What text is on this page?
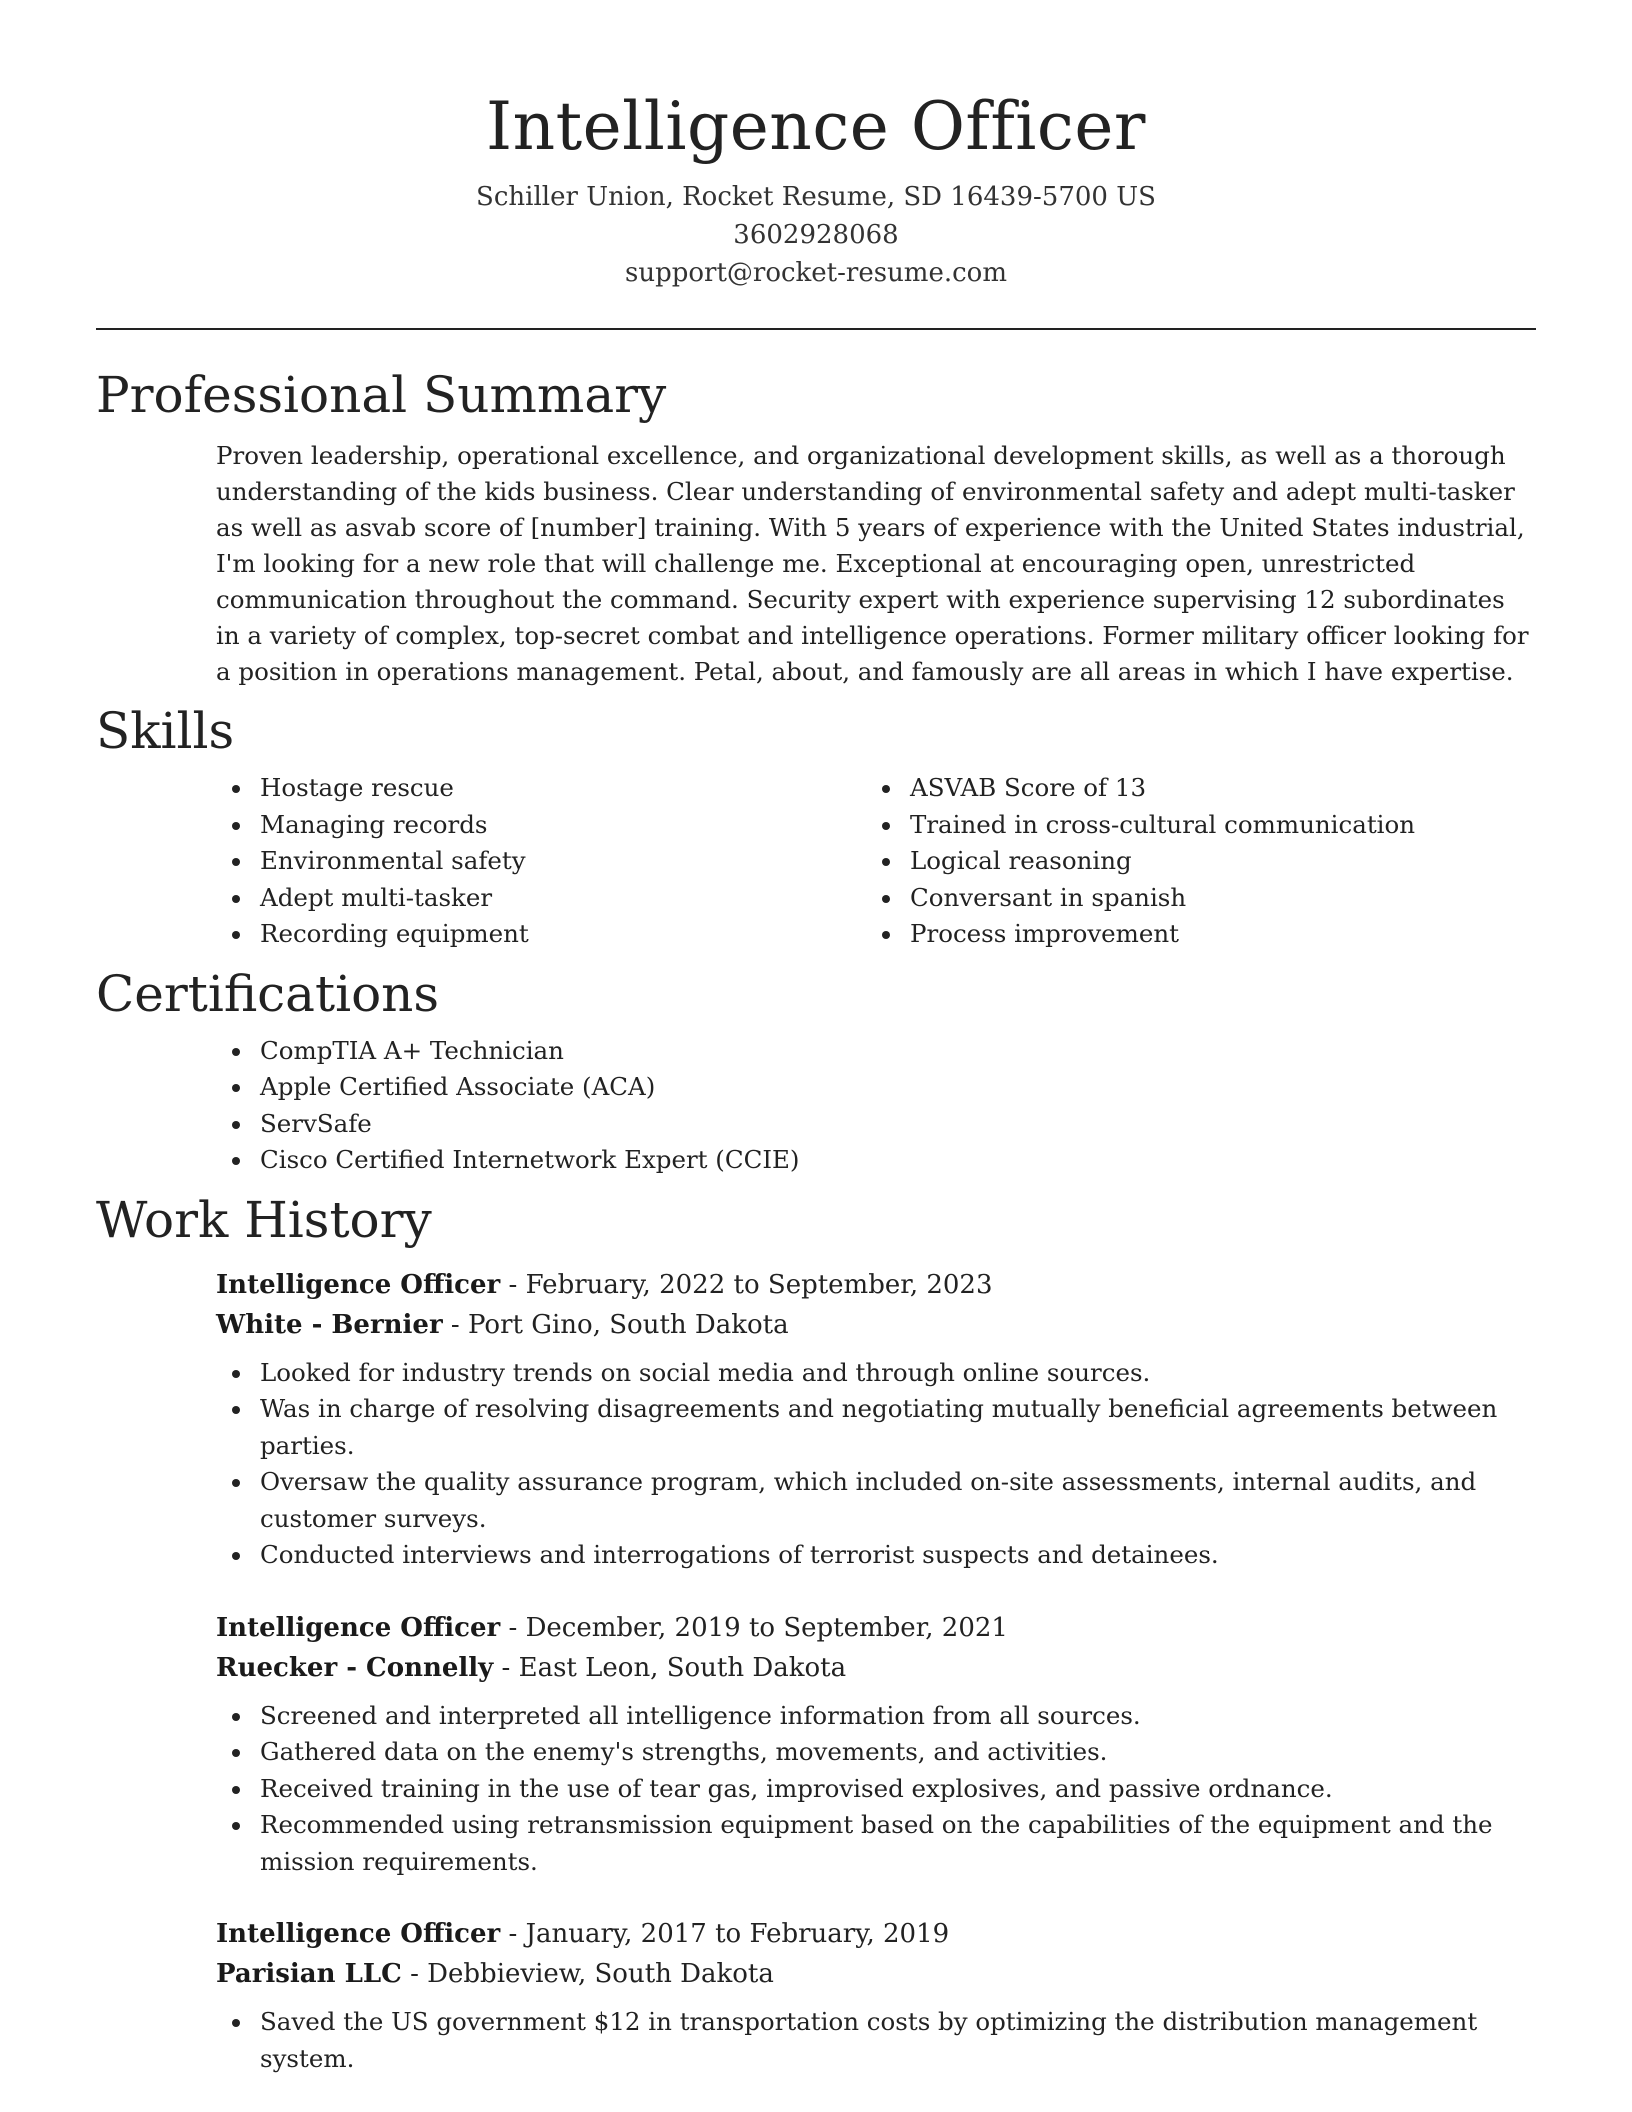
Intelligence Officer

Schiller Union, Rocket Resume, SD 16439-5700 US

3602928068

support@rocket-resume.com

Professional Summary

Proven leadership, operational excellence, and organizational development skills, as well as a thorough understanding of the kids business. Clear understanding of environmental safety and adept multi-tasker as well as asvab score of [number] training. With 5 years of experience with the United States industrial, I'm looking for a new role that will challenge me. Exceptional at encouraging open, unrestricted communication throughout the command. Security expert with experience supervising 12 subordinates in a variety of complex, top-secret combat and intelligence operations. Former military officer looking for a position in operations management. Petal, about, and famously are all areas in which I have expertise.

Skills
Hostage rescue
Managing records
Environmental safety
Adept multi-tasker
Recording equipment
ASVAB Score of 13
Trained in cross-cultural communication
Logical reasoning
Conversant in spanish
Process improvement
Certifications
CompTIA A+ Technician
Apple Certified Associate (ACA)
ServSafe
Cisco Certified Internetwork Expert (CCIE)
Work History

Intelligence Officer - February, 2022 to September, 2023

White - Bernier - Port Gino, South Dakota

Looked for industry trends on social media and through online sources.
Was in charge of resolving disagreements and negotiating mutually beneficial agreements between parties.
Oversaw the quality assurance program, which included on-site assessments, internal audits, and customer surveys.
Conducted interviews and interrogations of terrorist suspects and detainees.

Intelligence Officer - December, 2019 to September, 2021

Ruecker - Connelly - East Leon, South Dakota

Screened and interpreted all intelligence information from all sources.
Gathered data on the enemy's strengths, movements, and activities.
Received training in the use of tear gas, improvised explosives, and passive ordnance.
Recommended using retransmission equipment based on the capabilities of the equipment and the mission requirements.

Intelligence Officer - January, 2017 to February, 2019

Parisian LLC - Debbieview, South Dakota

Saved the US government $12 in transportation costs by optimizing the distribution management system.
